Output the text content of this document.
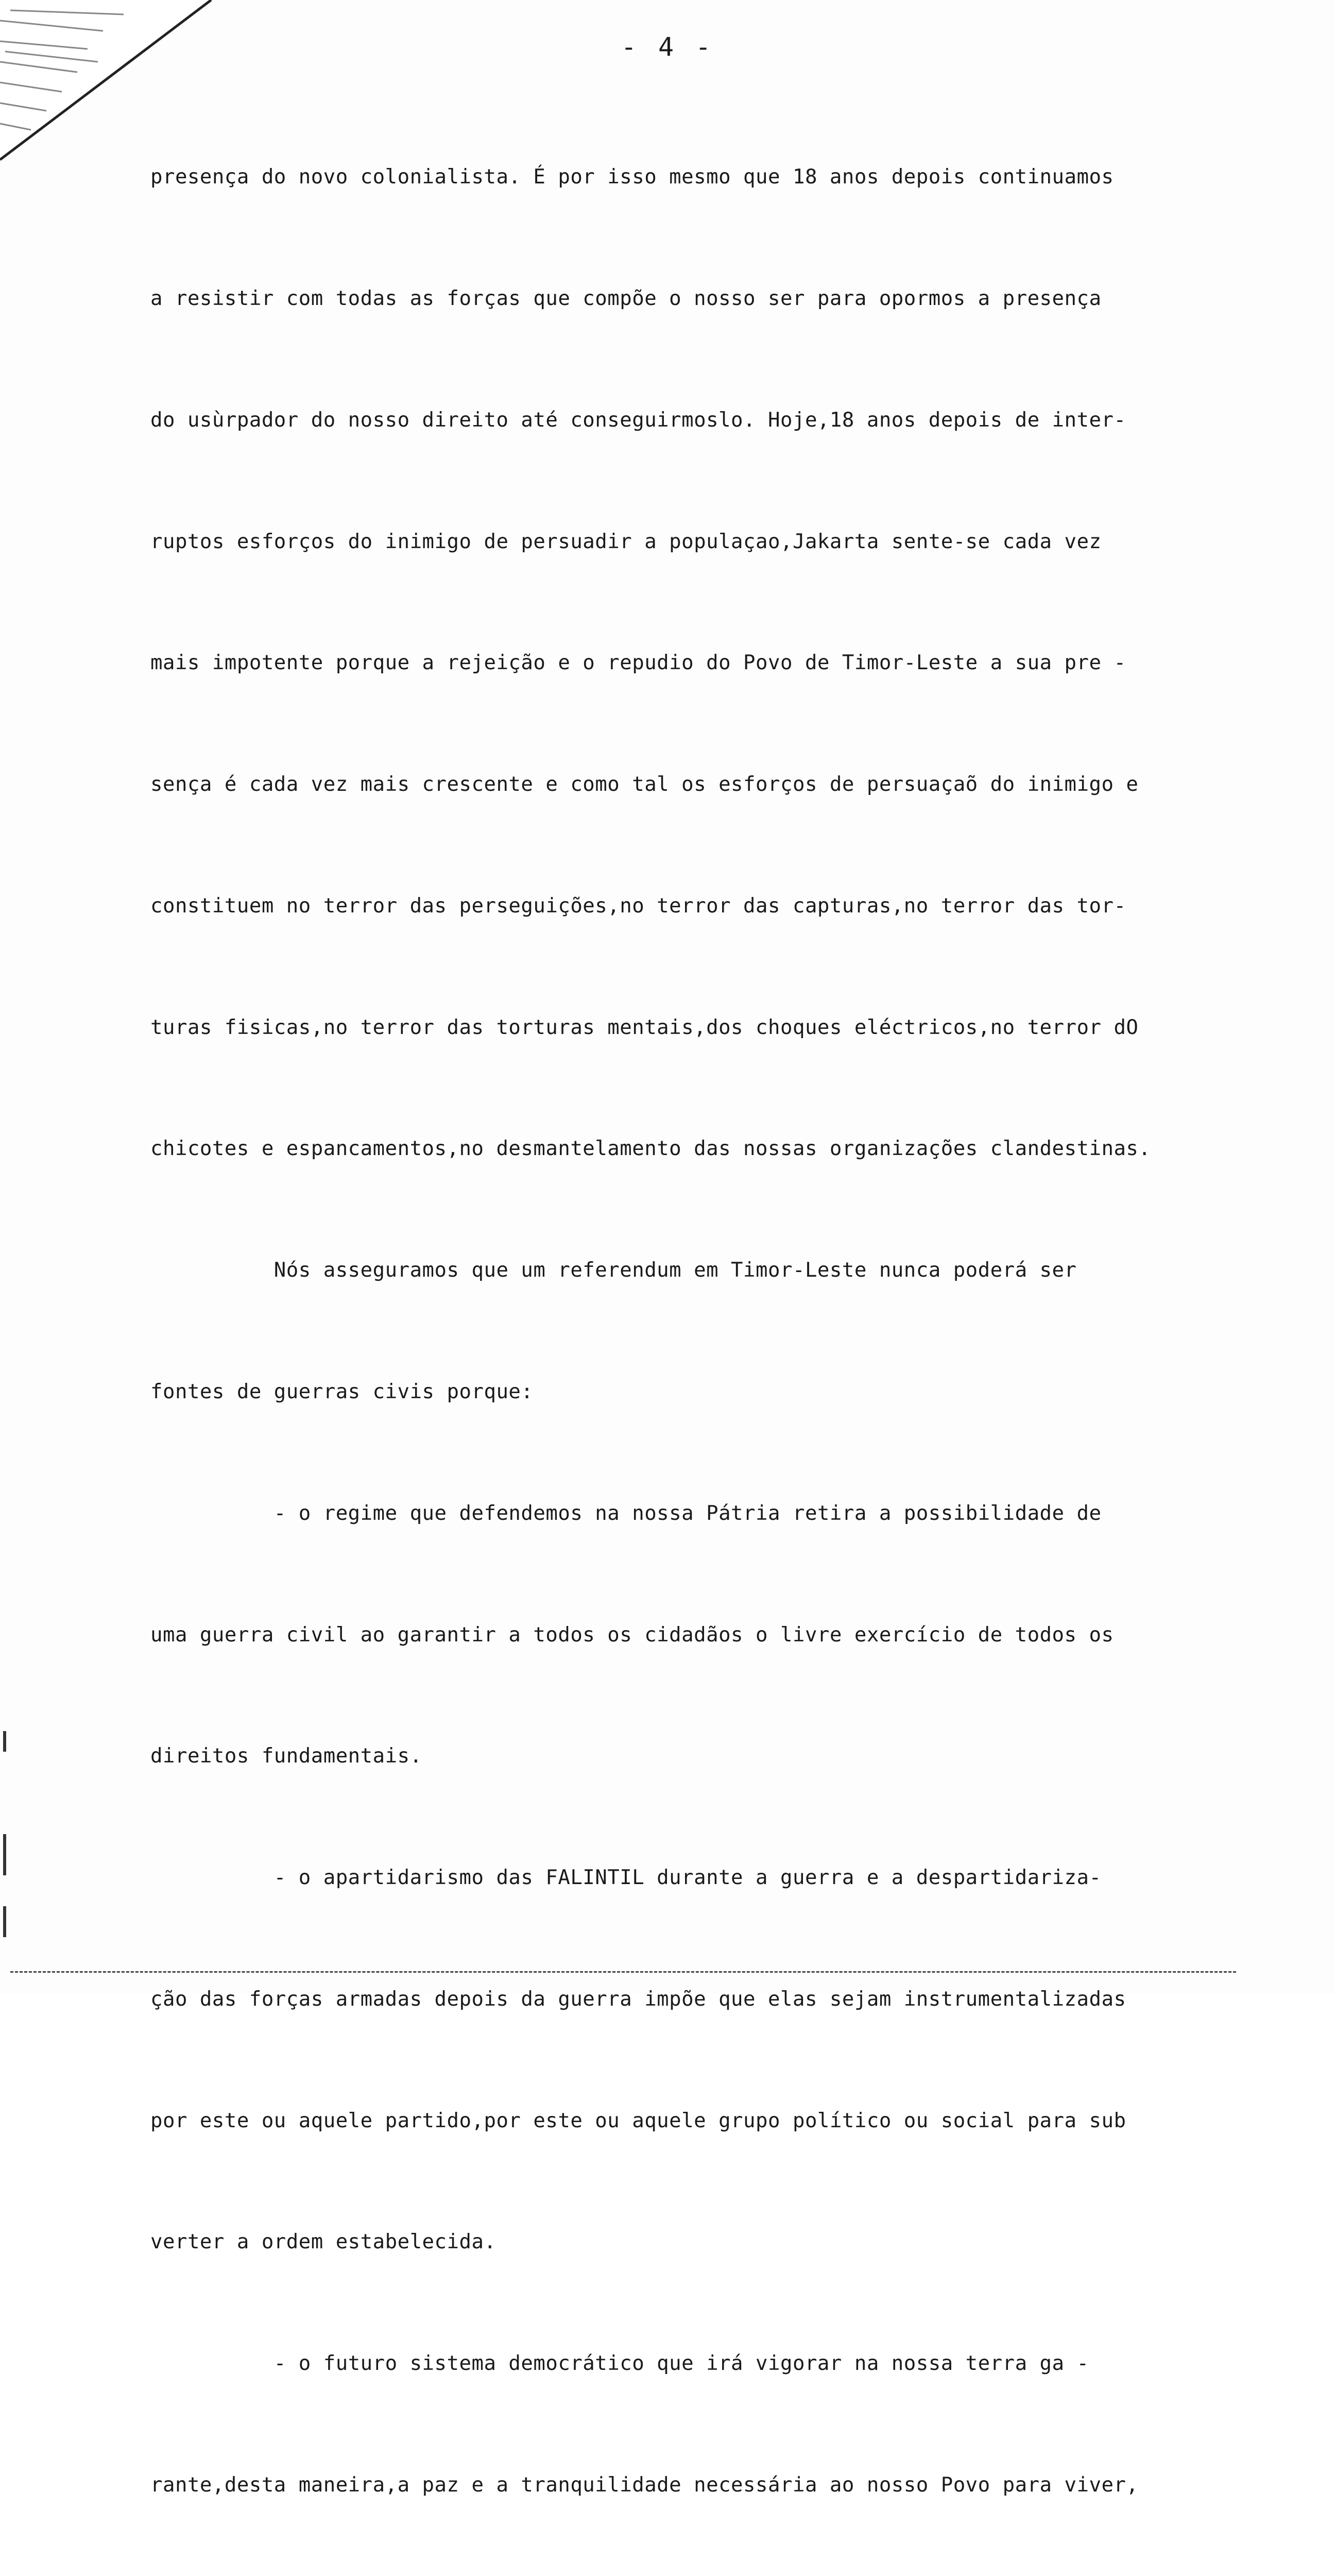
- 4 -

presença do novo colonialista. É por isso mesmo que 18 anos depois continuamos

a resistir com todas as forças que compõe o nosso ser para opormos a presença

do usùrpador do nosso direito até conseguirmoslo. Hoje,18 anos depois de inter-

ruptos esforços do inimigo de persuadir a populaçao,Jakarta sente-se cada vez

mais impotente porque a rejeição e o repudio do Povo de Timor-Leste a sua pre -

sença é cada vez mais crescente e como tal os esforços de persuaçaõ do inimigo e

constituem no terror das perseguições,no terror das capturas,no terror das tor-

turas fisicas,no terror das torturas mentais,dos choques eléctricos,no terror dO

chicotes e espancamentos,no desmantelamento das nossas organizações clandestinas.

Nós asseguramos que um referendum em Timor-Leste nunca poderá ser

fontes de guerras civis porque:

- o regime que defendemos na nossa Pátria retira a possibilidade de

uma guerra civil ao garantir a todos os cidadãos o livre exercício de todos os

direitos fundamentais.

- o apartidarismo das FALINTIL durante a guerra e a despartidariza-

ção das forças armadas depois da guerra impõe que elas sejam instrumentalizadas

por este ou aquele partido,por este ou aquele grupo político ou social para sub

verter a ordem estabelecida.

- o futuro sistema democrático que irá vigorar na nossa terra ga -

rante,desta maneira,a paz e a tranquilidade necessária ao nosso Povo para viver,
